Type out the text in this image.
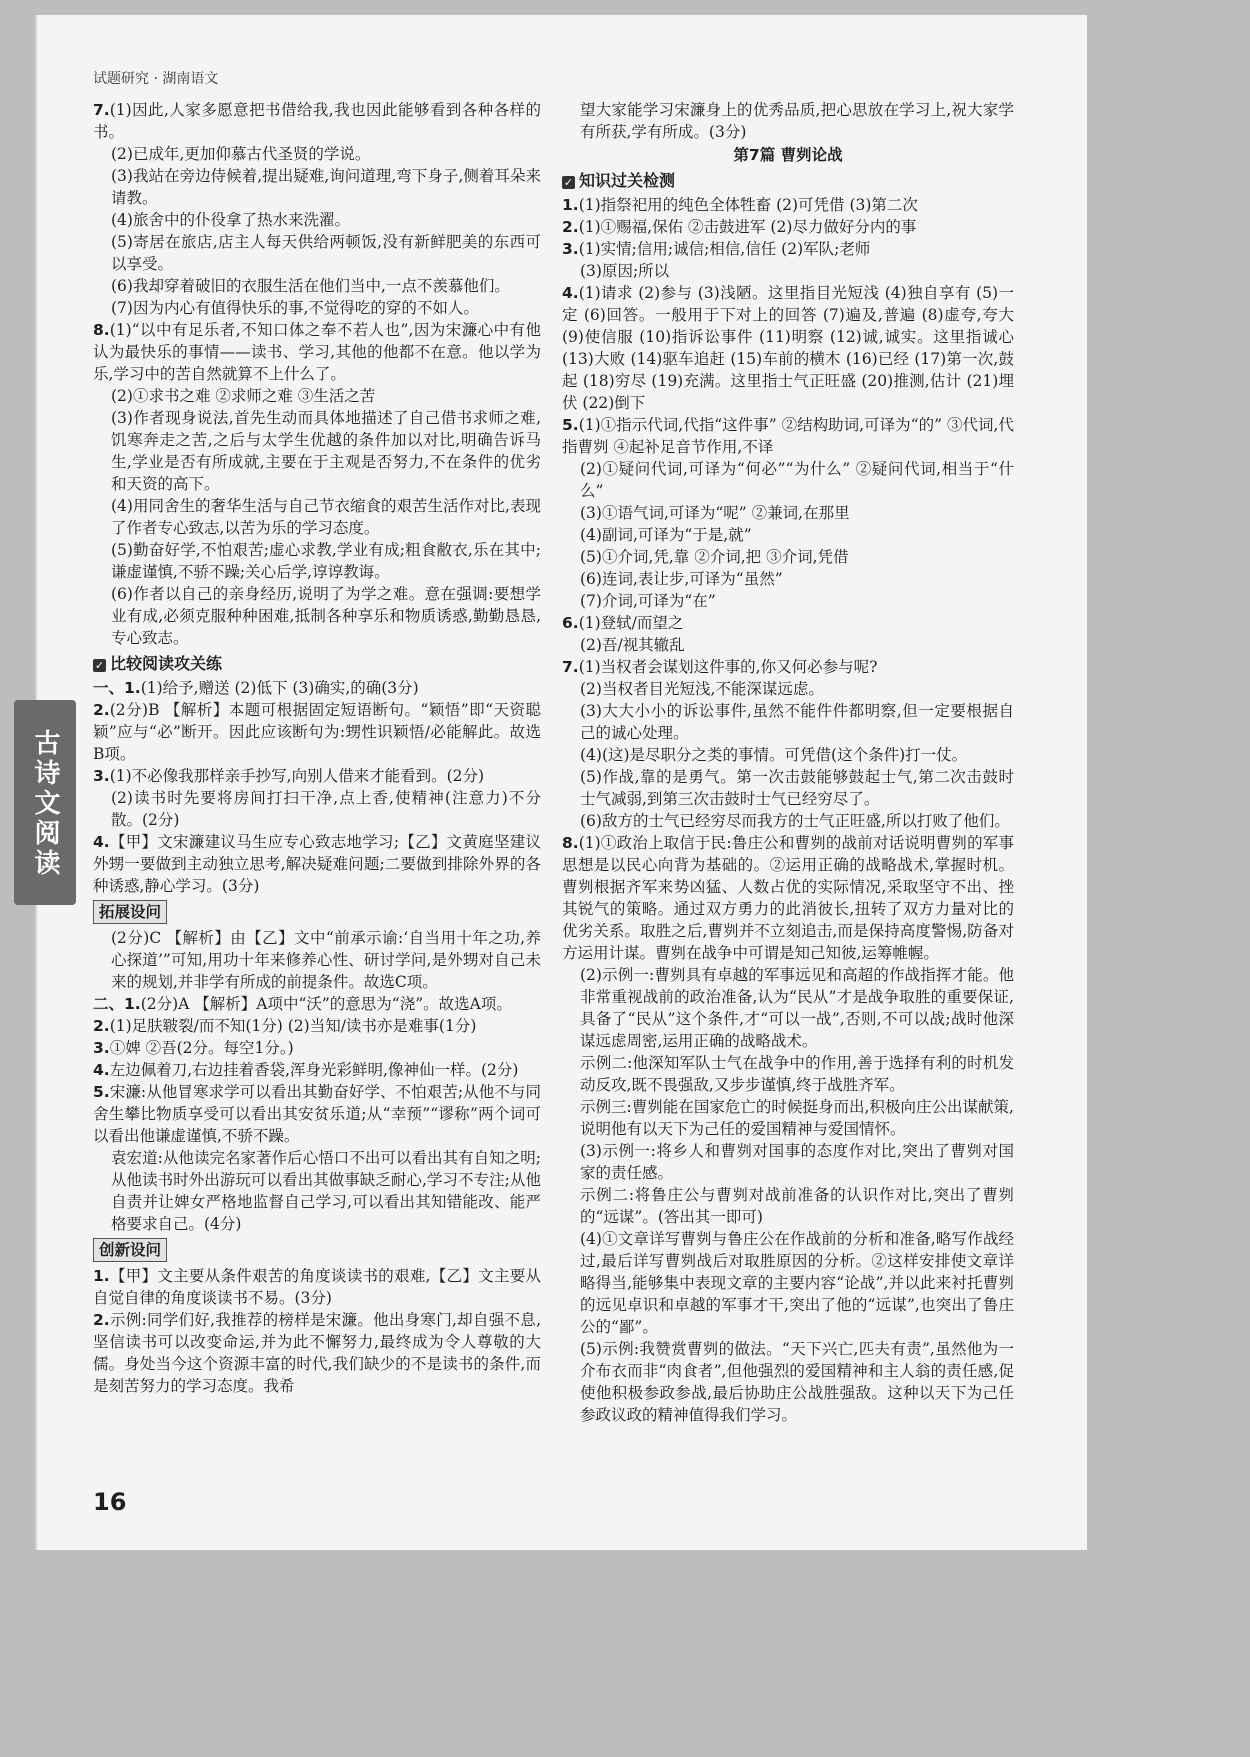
试题研究 · 湖南语文
古诗文阅读

7.(1)因此,人家多愿意把书借给我,我也因此能够看到各种各样的书。

(2)已成年,更加仰慕古代圣贤的学说。

(3)我站在旁边侍候着,提出疑难,询问道理,弯下身子,侧着耳朵来请教。

(4)旅舍中的仆役拿了热水来洗濯。

(5)寄居在旅店,店主人每天供给两顿饭,没有新鲜肥美的东西可以享受。

(6)我却穿着破旧的衣服生活在他们当中,一点不羡慕他们。

(7)因为内心有值得快乐的事,不觉得吃的穿的不如人。

8.(1)“以中有足乐者,不知口体之奉不若人也”,因为宋濂心中有他认为最快乐的事情——读书、学习,其他的他都不在意。他以学为乐,学习中的苦自然就算不上什么了。

(2)①求书之难 ②求师之难 ③生活之苦

(3)作者现身说法,首先生动而具体地描述了自己借书求师之难,饥寒奔走之苦,之后与太学生优越的条件加以对比,明确告诉马生,学业是否有所成就,主要在于主观是否努力,不在条件的优劣和天资的高下。

(4)用同舍生的奢华生活与自己节衣缩食的艰苦生活作对比,表现了作者专心致志,以苦为乐的学习态度。

(5)勤奋好学,不怕艰苦;虚心求教,学业有成;粗食敝衣,乐在其中;谦虚谨慎,不骄不躁;关心后学,谆谆教诲。

(6)作者以自己的亲身经历,说明了为学之难。意在强调:要想学业有成,必须克服种种困难,抵制各种享乐和物质诱惑,勤勤恳恳,专心致志。

✓ 比较阅读攻关练

一、1.(1)给予,赠送 (2)低下 (3)确实,的确(3分)

2.(2分)B 【解析】本题可根据固定短语断句。“颖悟”即“天资聪颖”应与“必”断开。因此应该断句为:甥性识颖悟/必能解此。故选B项。

3.(1)不必像我那样亲手抄写,向别人借来才能看到。(2分)

(2)读书时先要将房间打扫干净,点上香,使精神(注意力)不分散。(2分)

4.【甲】文宋濂建议马生应专心致志地学习;【乙】文黄庭坚建议外甥一要做到主动独立思考,解决疑难问题;二要做到排除外界的各种诱惑,静心学习。(3分)

拓展设问

(2分)C 【解析】由【乙】文中“前承示谕:‘自当用十年之功,养心探道’”可知,用功十年来修养心性、研讨学问,是外甥对自己未来的规划,并非学有所成的前提条件。故选C项。

二、1.(2分)A 【解析】A项中“沃”的意思为“浇”。故选A项。

2.(1)足肤皲裂/而不知(1分) (2)当知/读书亦是难事(1分)

3.①婢 ②吾(2分。每空1分。)

4.左边佩着刀,右边挂着香袋,浑身光彩鲜明,像神仙一样。(2分)

5.宋濂:从他冒寒求学可以看出其勤奋好学、不怕艰苦;从他不与同舍生攀比物质享受可以看出其安贫乐道;从“幸预”“谬称”两个词可以看出他谦虚谨慎,不骄不躁。

袁宏道:从他读完名家著作后心悟口不出可以看出其有自知之明;从他读书时外出游玩可以看出其做事缺乏耐心,学习不专注;从他自责并让婢女严格地监督自己学习,可以看出其知错能改、能严格要求自己。(4分)

创新设问

1.【甲】文主要从条件艰苦的角度谈读书的艰难,【乙】文主要从自觉自律的角度谈读书不易。(3分)

2.示例:同学们好,我推荐的榜样是宋濂。他出身寒门,却自强不息,坚信读书可以改变命运,并为此不懈努力,最终成为令人尊敬的大儒。身处当今这个资源丰富的时代,我们缺少的不是读书的条件,而是刻苦努力的学习态度。我希

望大家能学习宋濂身上的优秀品质,把心思放在学习上,祝大家学有所获,学有所成。(3分)

第7篇 曹刿论战
✓ 知识过关检测

1.(1)指祭祀用的纯色全体牲畜 (2)可凭借 (3)第二次

2.(1)①赐福,保佑 ②击鼓进军 (2)尽力做好分内的事

3.(1)实情;信用;诚信;相信,信任 (2)军队;老师

(3)原因;所以

4.(1)请求 (2)参与 (3)浅陋。这里指目光短浅 (4)独自享有 (5)一定 (6)回答。一般用于下对上的回答 (7)遍及,普遍 (8)虚夸,夸大 (9)使信服 (10)指诉讼事件 (11)明察 (12)诚,诚实。这里指诚心 (13)大败 (14)驱车追赶 (15)车前的横木 (16)已经 (17)第一次,鼓起 (18)穷尽 (19)充满。这里指士气正旺盛 (20)推测,估计 (21)埋伏 (22)倒下

5.(1)①指示代词,代指“这件事” ②结构助词,可译为“的” ③代词,代指曹刿 ④起补足音节作用,不译

(2)①疑问代词,可译为“何必”“为什么” ②疑问代词,相当于“什么”

(3)①语气词,可译为“呢” ②兼词,在那里

(4)副词,可译为“于是,就”

(5)①介词,凭,靠 ②介词,把 ③介词,凭借

(6)连词,表让步,可译为“虽然”

(7)介词,可译为“在”

6.(1)登轼/而望之

(2)吾/视其辙乱

7.(1)当权者会谋划这件事的,你又何必参与呢?

(2)当权者目光短浅,不能深谋远虑。

(3)大大小小的诉讼事件,虽然不能件件都明察,但一定要根据自己的诚心处理。

(4)(这)是尽职分之类的事情。可凭借(这个条件)打一仗。

(5)作战,靠的是勇气。第一次击鼓能够鼓起士气,第二次击鼓时士气减弱,到第三次击鼓时士气已经穷尽了。

(6)敌方的士气已经穷尽而我方的士气正旺盛,所以打败了他们。

8.(1)①政治上取信于民:鲁庄公和曹刿的战前对话说明曹刿的军事思想是以民心向背为基础的。②运用正确的战略战术,掌握时机。曹刿根据齐军来势凶猛、人数占优的实际情况,采取坚守不出、挫其锐气的策略。通过双方勇力的此消彼长,扭转了双方力量对比的优劣关系。取胜之后,曹刿并不立刻追击,而是保持高度警惕,防备对方运用计谋。曹刿在战争中可谓是知己知彼,运筹帷幄。

(2)示例一:曹刿具有卓越的军事远见和高超的作战指挥才能。他非常重视战前的政治准备,认为“民从”才是战争取胜的重要保证,具备了“民从”这个条件,才“可以一战”,否则,不可以战;战时他深谋远虑周密,运用正确的战略战术。

示例二:他深知军队士气在战争中的作用,善于选择有利的时机发动反攻,既不畏强敌,又步步谨慎,终于战胜齐军。

示例三:曹刿能在国家危亡的时候挺身而出,积极向庄公出谋献策,说明他有以天下为己任的爱国精神与爱国情怀。

(3)示例一:将乡人和曹刿对国事的态度作对比,突出了曹刿对国家的责任感。

示例二:将鲁庄公与曹刿对战前准备的认识作对比,突出了曹刿的“远谋”。(答出其一即可)

(4)①文章详写曹刿与鲁庄公在作战前的分析和准备,略写作战经过,最后详写曹刿战后对取胜原因的分析。②这样安排使文章详略得当,能够集中表现文章的主要内容“论战”,并以此来衬托曹刿的远见卓识和卓越的军事才干,突出了他的“远谋”,也突出了鲁庄公的“鄙”。

(5)示例:我赞赏曹刿的做法。“天下兴亡,匹夫有责”,虽然他为一介布衣而非“肉食者”,但他强烈的爱国精神和主人翁的责任感,促使他积极参政参战,最后协助庄公战胜强敌。这种以天下为己任参政议政的精神值得我们学习。

16
